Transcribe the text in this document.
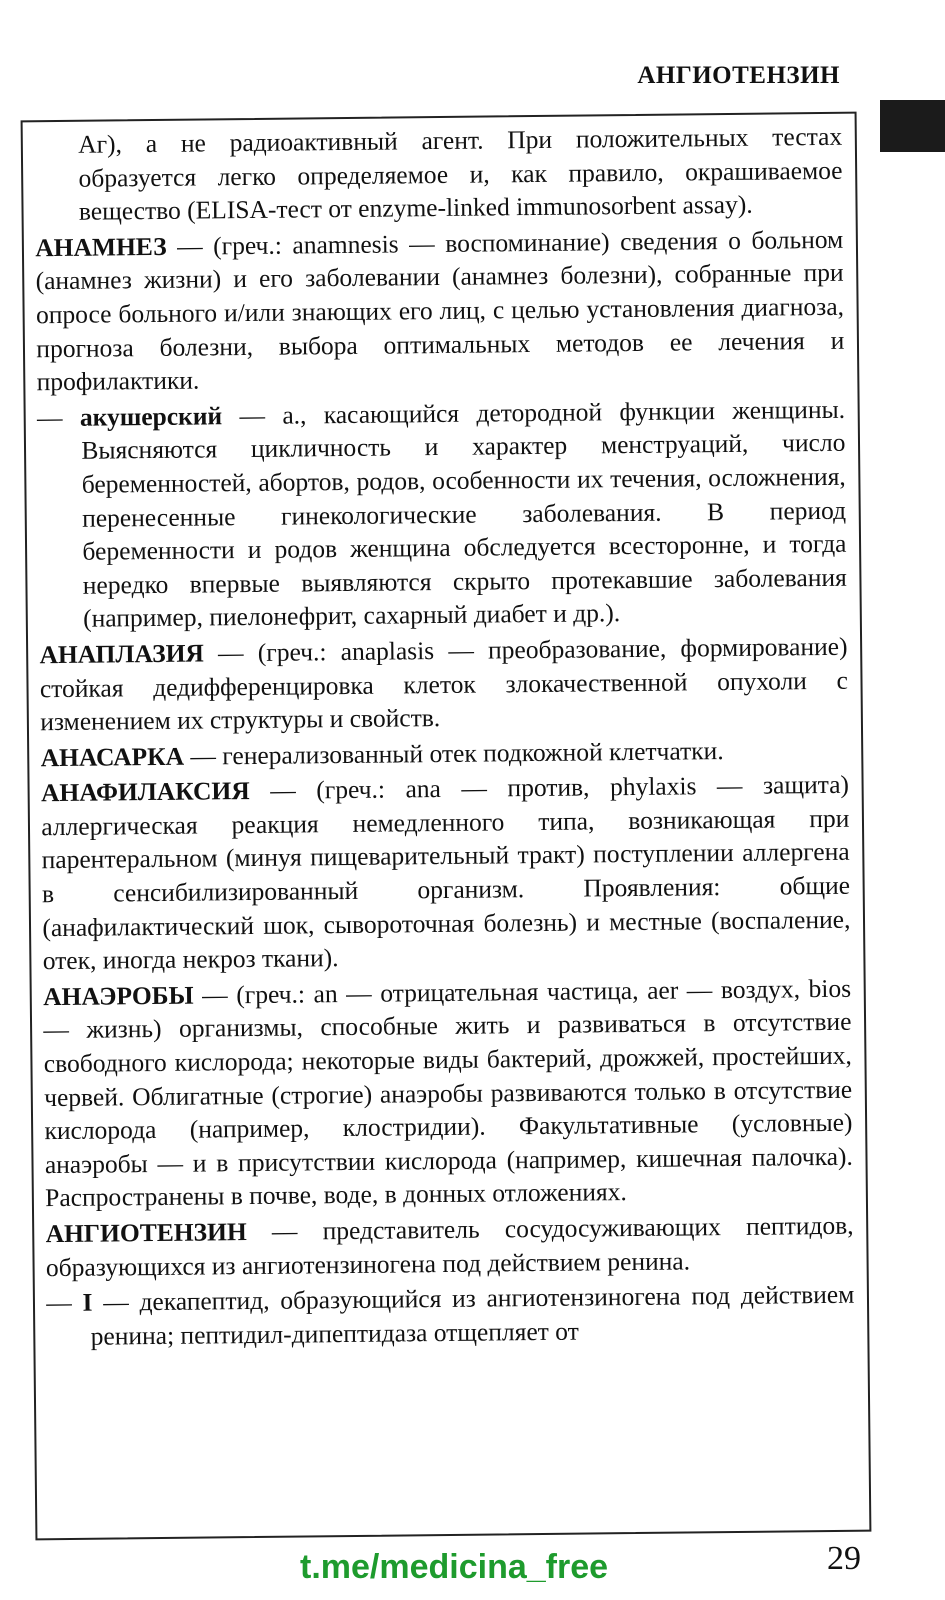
АНГИОТЕНЗИН

Аг), а не радиоактивный агент. При положительных тестах образуется легко определяемое и, как правило, окрашиваемое вещество (ELISA-тест от enzyme-linked immunosorbent assay).

АНАМНЕЗ — (греч.: anamnesis — воспоминание) сведения о больном (анамнез жизни) и его заболевании (анамнез болезни), собранные при опросе больного и/или знающих его лиц, с целью установления диагноза, прогноза болезни, выбора оптимальных методов ее лечения и профилактики.

— акушерский — а., касающийся детородной функции женщины. Выясняются цикличность и характер менструаций, число беременностей, абортов, родов, особенности их течения, осложнения, перенесенные гинекологические заболевания. В период беременности и родов женщина обследуется всесторонне, и тогда нередко впервые выявляются скрыто протекавшие заболевания (например, пиелонефрит, сахарный диабет и др.).

АНАПЛАЗИЯ — (греч.: anaplasis — преобразование, формирование) стойкая дедифференцировка клеток злокачественной опухоли с изменением их структуры и свойств.

АНАСАРКА — генерализованный отек подкожной клетчатки.

АНАФИЛАКСИЯ — (греч.: ana — против, phylaxis — защита) аллергическая реакция немедленного типа, возникающая при парентеральном (минуя пищеварительный тракт) поступлении аллергена в сенсибилизированный организм. Проявления: общие (анафилактический шок, сывороточная болезнь) и местные (воспаление, отек, иногда некроз ткани).

АНАЭРОБЫ — (греч.: an — отрицательная частица, aer — воздух, bios — жизнь) организмы, способные жить и развиваться в отсутствие свободного кислорода; некоторые виды бактерий, дрожжей, простейших, червей. Облигатные (строгие) анаэробы развиваются только в отсутствие кислорода (например, клостридии). Факультативные (условные) анаэробы — и в присутствии кислорода (например, кишечная палочка). Распространены в почве, воде, в донных отложениях.

АНГИОТЕНЗИН — представитель сосудосуживающих пептидов, образующихся из ангиотензиногена под действием ренина.

— I — декапептид, образующийся из ангиотензиногена под действием ренина; пептидил-дипептидаза отщепляет от

t.me/medicina_free	29
